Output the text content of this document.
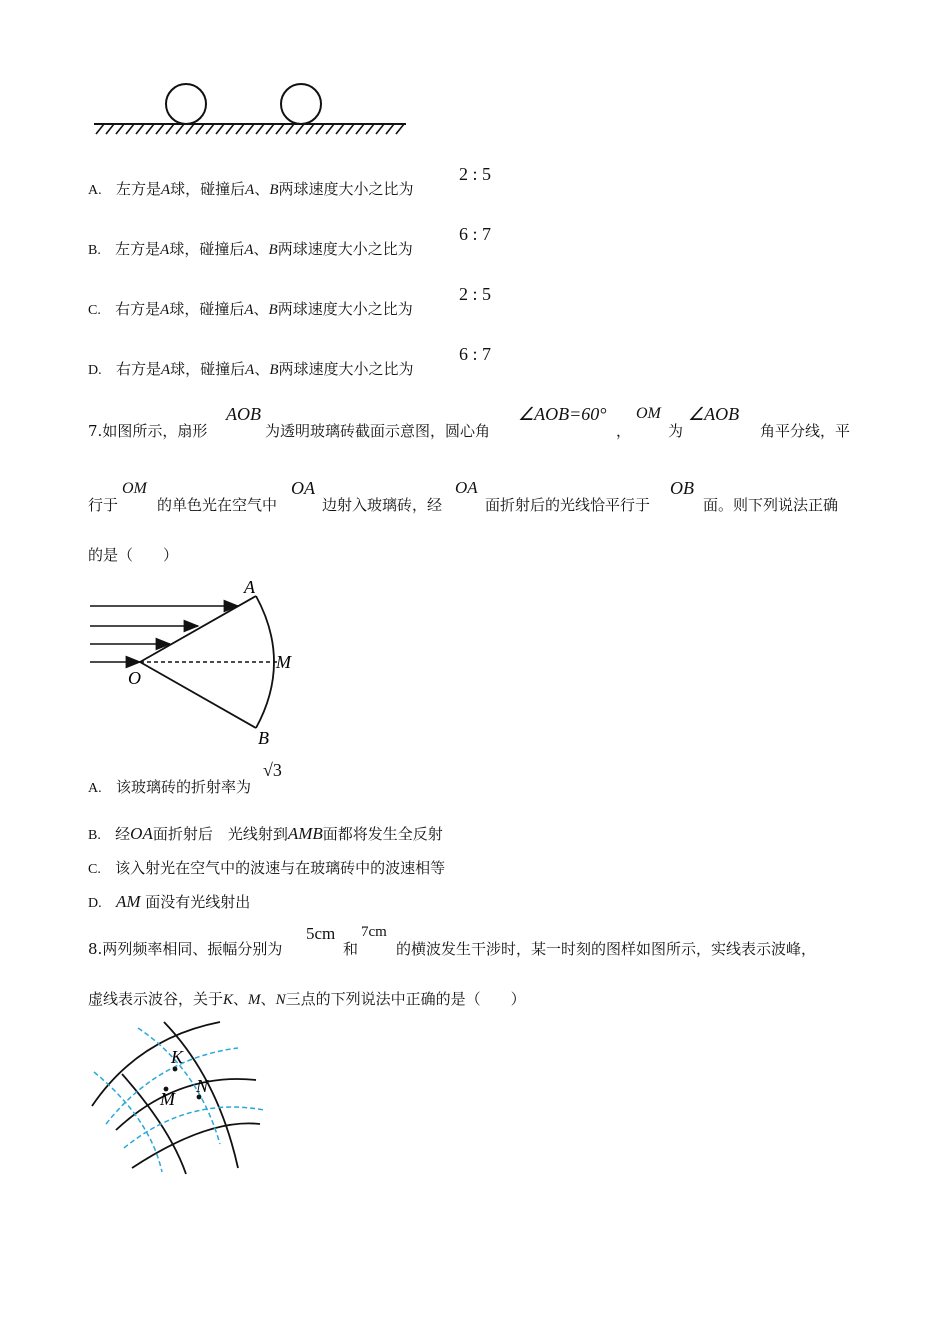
A. 左方是A球，碰撞后A、B两球速度大小之比为
2 : 5
B. 左方是A球，碰撞后A、B两球速度大小之比为
6 : 7
C. 右方是A球，碰撞后A、B两球速度大小之比为
2 : 5
D. 右方是A球，碰撞后A、B两球速度大小之比为
6 : 7
7.如图所示，扇形
AOB
为透明玻璃砖截面示意图，圆心角
∠AOB=60°
，
OM
为
∠AOB
角平分线，平
行于
OM
的单色光在空气中
OA
边射入玻璃砖，经
OA
面折射后的光线恰平行于
OB
面。则下列说法正确
的是（　　）
A
O
M
B
A. 该玻璃砖的折射率为
√3
B. 经OA面折射后　光线射到AMB面都将发生全反射
C. 该入射光在空气中的波速与在玻璃砖中的波速相等
D. AM 面没有光线射出
8.两列频率相同、振幅分别为
5cm
和
7cm
的横波发生干涉时，某一时刻的图样如图所示，实线表示波峰，
虚线表示波谷，关于K、M、N三点的下列说法中正确的是（　　）
K
M
N
